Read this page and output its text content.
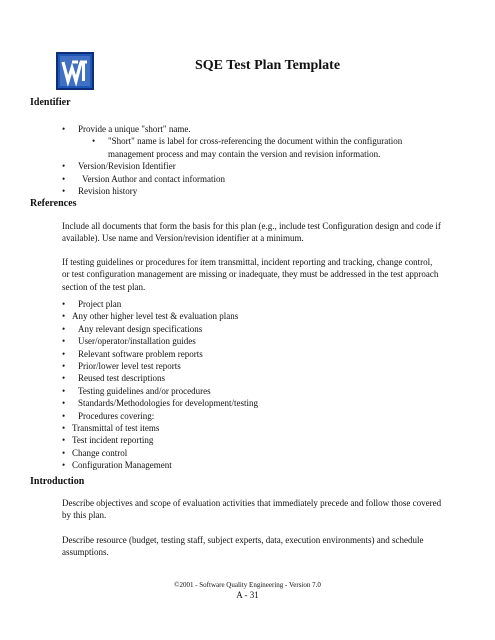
SQE Test Plan Template
Identifier
• Provide a unique "short" name.
• "Short" name is label for cross-referencing the document within the configuration management process and may contain the version and revision information.
• Version/Revision Identifier
• Version Author and contact information
• Revision history
References
Include all documents that form the basis for this plan (e.g., include test Configuration design and code if available). Use name and Version/revision identifier at a minimum.
If testing guidelines or procedures for item transmittal, incident reporting and tracking, change control, or test configuration management are missing or inadequate, they must be addressed in the test approach section of the test plan.
• Project plan
• Any other higher level test & evaluation plans
• Any relevant design specifications
• User/operator/installation guides
• Relevant software problem reports
• Prior/lower level test reports
• Reused test descriptions
• Testing guidelines and/or procedures
• Standards/Methodologies for development/testing
• Procedures covering:
• Transmittal of test items
• Test incident reporting
• Change control
• Configuration Management
Introduction
Describe objectives and scope of evaluation activities that immediately precede and follow those covered by this plan.
Describe resource (budget, testing staff, subject experts, data, execution environments) and schedule assumptions.
©2001 - Software Quality Engineering - Version 7.0
A - 31
